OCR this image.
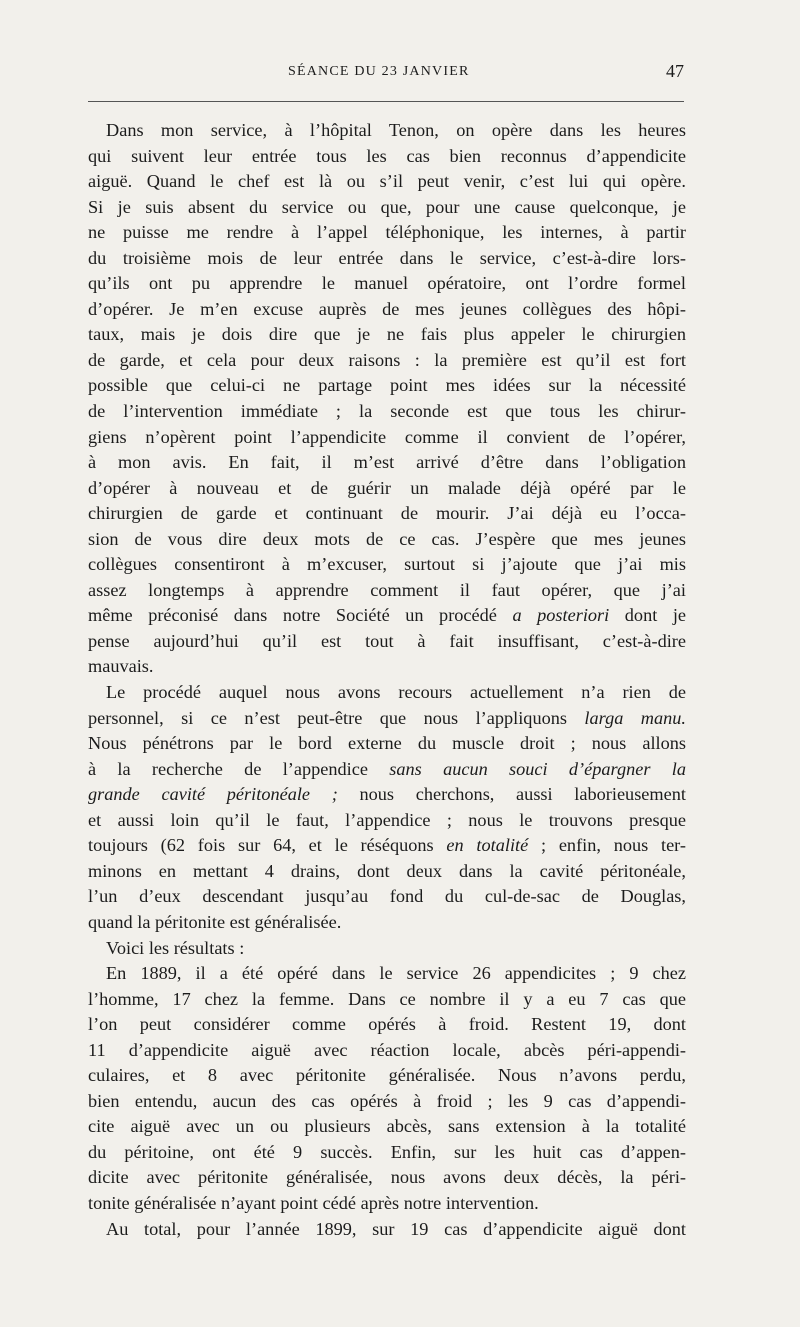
SÉANCE DU 23 JANVIER	47
Dans mon service, à l’hôpital Tenon, on opère dans les heures
qui suivent leur entrée tous les cas bien reconnus d’appendicite
aiguë. Quand le chef est là ou s’il peut venir, c’est lui qui opère.
Si je suis absent du service ou que, pour une cause quelconque, je
ne puisse me rendre à l’appel téléphonique, les internes, à partir
du troisième mois de leur entrée dans le service, c’est-à-dire lors-
qu’ils ont pu apprendre le manuel opératoire, ont l’ordre formel
d’opérer. Je m’en excuse auprès de mes jeunes collègues des hôpi-
taux, mais je dois dire que je ne fais plus appeler le chirurgien
de garde, et cela pour deux raisons : la première est qu’il est fort
possible que celui-ci ne partage point mes idées sur la nécessité
de l’intervention immédiate ; la seconde est que tous les chirur-
giens n’opèrent point l’appendicite comme il convient de l’opérer,
à mon avis. En fait, il m’est arrivé d’être dans l’obligation
d’opérer à nouveau et de guérir un malade déjà opéré par le
chirurgien de garde et continuant de mourir. J’ai déjà eu l’occa-
sion de vous dire deux mots de ce cas. J’espère que mes jeunes
collègues consentiront à m’excuser, surtout si j’ajoute que j’ai mis
assez longtemps à apprendre comment il faut opérer, que j’ai
même préconisé dans notre Société un procédé a posteriori dont je
pense aujourd’hui qu’il est tout à fait insuffisant, c’est-à-dire
mauvais.
Le procédé auquel nous avons recours actuellement n’a rien de
personnel, si ce n’est peut-être que nous l’appliquons larga manu.
Nous pénétrons par le bord externe du muscle droit ; nous allons
à la recherche de l’appendice sans aucun souci d’épargner la
grande cavité péritonéale ; nous cherchons, aussi laborieusement
et aussi loin qu’il le faut, l’appendice ; nous le trouvons presque
toujours (62 fois sur 64, et le réséquons en totalité ; enfin, nous ter-
minons en mettant 4 drains, dont deux dans la cavité péritonéale,
l’un d’eux descendant jusqu’au fond du cul-de-sac de Douglas,
quand la péritonite est généralisée.
Voici les résultats :
En 1889, il a été opéré dans le service 26 appendicites ; 9 chez
l’homme, 17 chez la femme. Dans ce nombre il y a eu 7 cas que
l’on peut considérer comme opérés à froid. Restent 19, dont
11 d’appendicite aiguë avec réaction locale, abcès péri-appendi-
culaires, et 8 avec péritonite généralisée. Nous n’avons perdu,
bien entendu, aucun des cas opérés à froid ; les 9 cas d’appendi-
cite aiguë avec un ou plusieurs abcès, sans extension à la totalité
du péritoine, ont été 9 succès. Enfin, sur les huit cas d’appen-
dicite avec péritonite généralisée, nous avons deux décès, la péri-
tonite généralisée n’ayant point cédé après notre intervention.
Au total, pour l’année 1899, sur 19 cas d’appendicite aiguë dont
